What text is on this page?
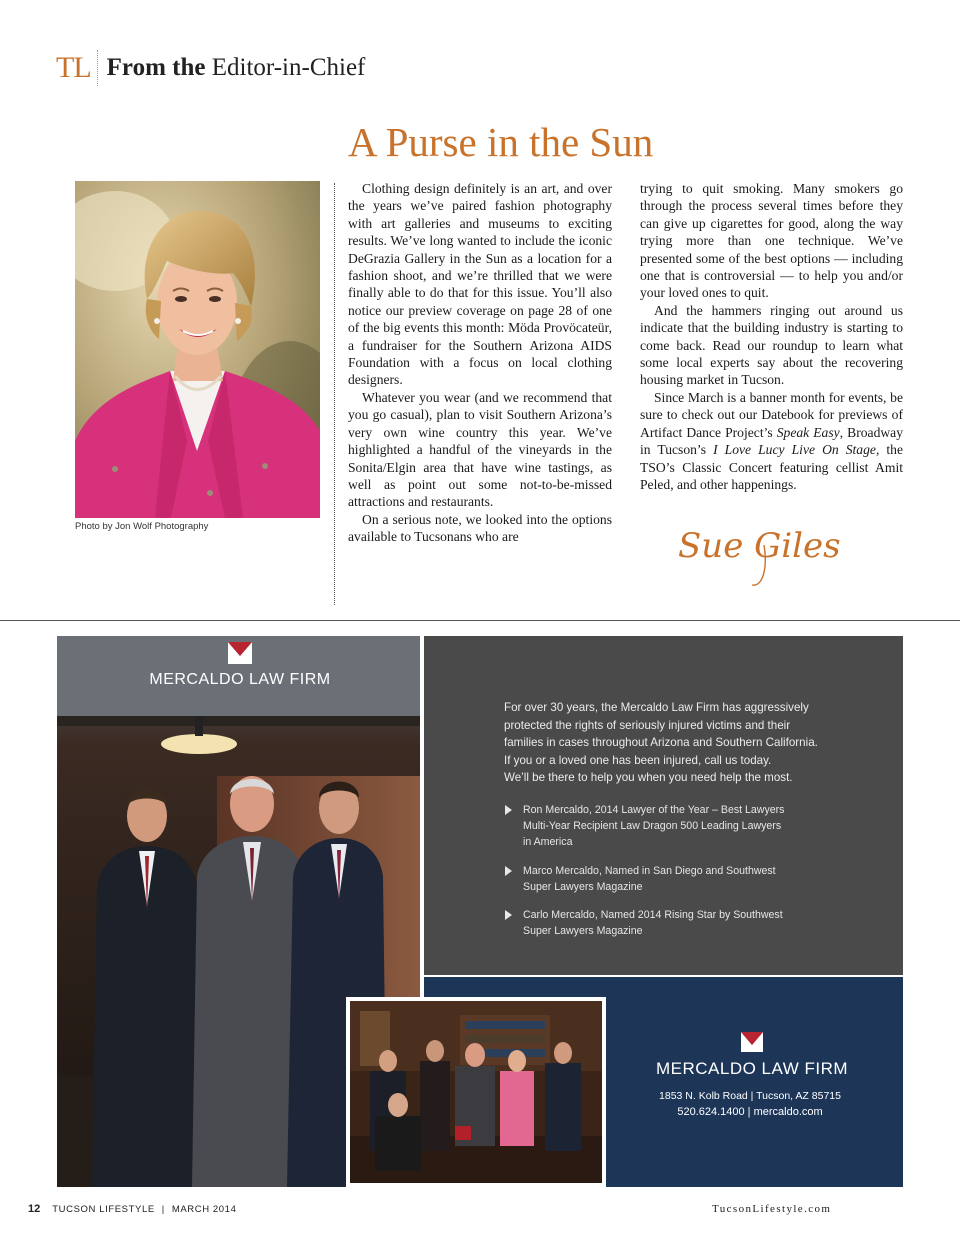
TL From the Editor-in-Chief
A Purse in the Sun
Photo by Jon Wolf Photography

Clothing design definitely is an art, and over the years we’ve paired fashion photography with art galleries and museums to exciting results. We’ve long wanted to include the iconic DeGrazia Gallery in the Sun as a location for a fashion shoot, and we’re thrilled that we were finally able to do that for this issue. You’ll also notice our preview coverage on page 28 of one of the big events this month: Möda Provöcateür, a fundraiser for the Southern Arizona AIDS Foundation with a focus on local clothing designers.

Whatever you wear (and we recommend that you go casual), plan to visit Southern Arizona’s very own wine country this year. We’ve highlighted a handful of the vineyards in the Sonita/Elgin area that have wine tastings, as well as point out some not-to-be-missed attractions and restaurants.

On a serious note, we looked into the options available to Tucsonans who are

trying to quit smoking. Many smokers go through the process several times before they can give up cigarettes for good, along the way trying more than one technique. We’ve presented some of the best options — including one that is controversial — to help you and/or your loved ones to quit.

And the hammers ringing out around us indicate that the building industry is starting to come back. Read our roundup to learn what some local experts say about the recovering housing market in Tucson.

Since March is a banner month for events, be sure to check out our Datebook for previews of Artifact Dance Project’s Speak Easy, Broadway in Tucson’s I Love Lucy Live On Stage, the TSO’s Classic Concert featuring cellist Amit Peled, and other happenings.

Sue Giles
MERCALDO LAW FIRM
For over 30 years, the Mercaldo Law Firm has aggressively
protected the rights of seriously injured victims and their
families in cases throughout Arizona and Southern California.
If you or a loved one has been injured, call us today.
We’ll be there to help you when you need help the most.
Ron Mercaldo, 2014 Lawyer of the Year – Best Lawyers
Multi-Year Recipient Law Dragon 500 Leading Lawyers
in America
Marco Mercaldo, Named in San Diego and Southwest
Super Lawyers Magazine
Carlo Mercaldo, Named 2014 Rising Star by Southwest
Super Lawyers Magazine
MERCALDO LAW FIRM
1853 N. Kolb Road | Tucson, AZ 85715
520.624.1400 | mercaldo.com
12 TUCSON LIFESTYLE | MARCH 2014	TucsonLifestyle.com
